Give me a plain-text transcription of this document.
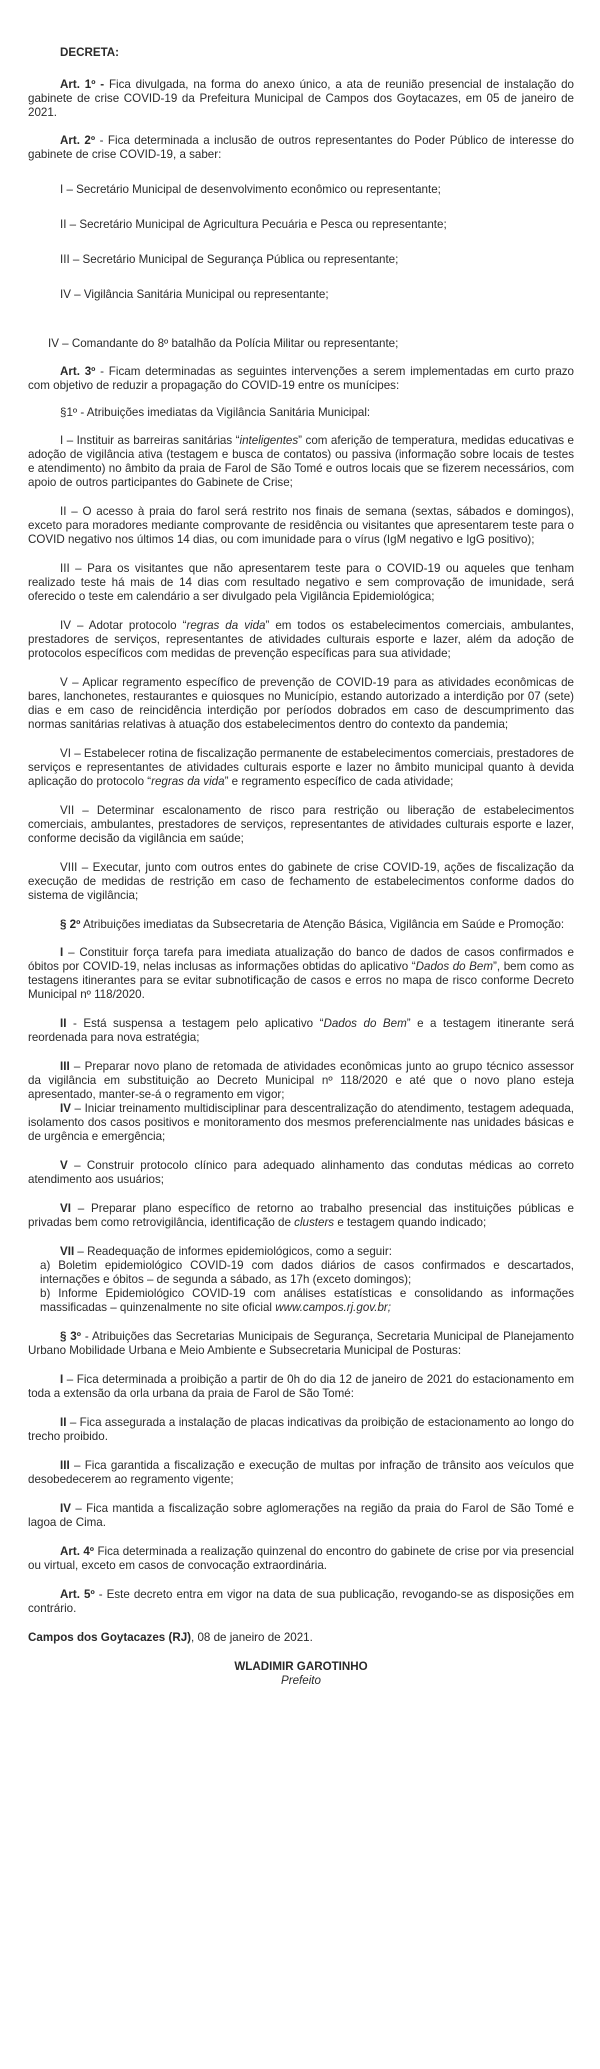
DECRETA:

Art. 1º - Fica divulgada, na forma do anexo único, a ata de reunião presencial de instalação do gabinete de crise COVID-19 da Prefeitura Municipal de Campos dos Goytacazes, em 05 de janeiro de 2021.

Art. 2º - Fica determinada a inclusão de outros representantes do Poder Público de interesse do gabinete de crise COVID-19, a saber:

I – Secretário Municipal de desenvolvimento econômico ou representante;

II – Secretário Municipal de Agricultura Pecuária e Pesca ou representante;

III – Secretário Municipal de Segurança Pública ou representante;

IV – Vigilância Sanitária Municipal ou representante;

IV – Comandante do 8º batalhão da Polícia Militar ou representante;

Art. 3º - Ficam determinadas as seguintes intervenções a serem implementadas em curto prazo com objetivo de reduzir a propagação do COVID-19 entre os munícipes:

§1º - Atribuições imediatas da Vigilância Sanitária Municipal:

I – Instituir as barreiras sanitárias “inteligentes” com aferição de temperatura, medidas educativas e adoção de vigilância ativa (testagem e busca de contatos) ou passiva (informação sobre locais de testes e atendimento) no âmbito da praia de Farol de São Tomé e outros locais que se fizerem necessários, com apoio de outros participantes do Gabinete de Crise;

II – O acesso à praia do farol será restrito nos finais de semana (sextas, sábados e domingos), exceto para moradores mediante comprovante de residência ou visitantes que apresentarem teste para o COVID negativo nos últimos 14 dias, ou com imunidade para o vírus (IgM negativo e IgG positivo);

III – Para os visitantes que não apresentarem teste para o COVID-19 ou aqueles que tenham realizado teste há mais de 14 dias com resultado negativo e sem comprovação de imunidade, será oferecido o teste em calendário a ser divulgado pela Vigilância Epidemiológica;

IV – Adotar protocolo “regras da vida” em todos os estabelecimentos comerciais, ambulantes, prestadores de serviços, representantes de atividades culturais esporte e lazer, além da adoção de protocolos específicos com medidas de prevenção específicas para sua atividade;

V – Aplicar regramento específico de prevenção de COVID-19 para as atividades econômicas de bares, lanchonetes, restaurantes e quiosques no Município, estando autorizado a interdição por 07 (sete) dias e em caso de reincidência interdição por períodos dobrados em caso de descumprimento das normas sanitárias relativas à atuação dos estabelecimentos dentro do contexto da pandemia;

VI – Estabelecer rotina de fiscalização permanente de estabelecimentos comerciais, prestadores de serviços e representantes de atividades culturais esporte e lazer no âmbito municipal quanto à devida aplicação do protocolo “regras da vida” e regramento específico de cada atividade;

VII – Determinar escalonamento de risco para restrição ou liberação de estabelecimentos comerciais, ambulantes, prestadores de serviços, representantes de atividades culturais esporte e lazer, conforme decisão da vigilância em saúde;

VIII – Executar, junto com outros entes do gabinete de crise COVID-19, ações de fiscalização da execução de medidas de restrição em caso de fechamento de estabelecimentos conforme dados do sistema de vigilância;

§ 2º Atribuições imediatas da Subsecretaria de Atenção Básica, Vigilância em Saúde e Promoção:

I – Constituir força tarefa para imediata atualização do banco de dados de casos confirmados e óbitos por COVID-19, nelas inclusas as informações obtidas do aplicativo “Dados do Bem”, bem como as testagens itinerantes para se evitar subnotificação de casos e erros no mapa de risco conforme Decreto Municipal nº 118/2020.

II - Está suspensa a testagem pelo aplicativo “Dados do Bem” e a testagem itinerante será reordenada para nova estratégia;

III – Preparar novo plano de retomada de atividades econômicas junto ao grupo técnico assessor da vigilância em substituição ao Decreto Municipal nº 118/2020 e até que o novo plano esteja apresentado, manter-se-á o regramento em vigor;

IV – Iniciar treinamento multidisciplinar para descentralização do atendimento, testagem adequada, isolamento dos casos positivos e monitoramento dos mesmos preferencialmente nas unidades básicas e de urgência e emergência;

V – Construir protocolo clínico para adequado alinhamento das condutas médicas ao correto atendimento aos usuários;

VI – Preparar plano específico de retorno ao trabalho presencial das instituições públicas e privadas bem como retrovigilância, identificação de clusters e testagem quando indicado;

VII – Readequação de informes epidemiológicos, como a seguir:

a) Boletim epidemiológico COVID-19 com dados diários de casos confirmados e descartados, internações e óbitos – de segunda a sábado, as 17h (exceto domingos);

b) Informe Epidemiológico COVID-19 com análises estatísticas e consolidando as informações massificadas – quinzenalmente no site oficial www.campos.rj.gov.br;

§ 3º - Atribuições das Secretarias Municipais de Segurança, Secretaria Municipal de Planejamento Urbano Mobilidade Urbana e Meio Ambiente e Subsecretaria Municipal de Posturas:

I – Fica determinada a proibição a partir de 0h do dia 12 de janeiro de 2021 do estacionamento em toda a extensão da orla urbana da praia de Farol de São Tomé:

II – Fica assegurada a instalação de placas indicativas da proibição de estacionamento ao longo do trecho proibido.

III – Fica garantida a fiscalização e execução de multas por infração de trânsito aos veículos que desobedecerem ao regramento vigente;

IV – Fica mantida a fiscalização sobre aglomerações na região da praia do Farol de São Tomé e lagoa de Cima.

Art. 4º Fica determinada a realização quinzenal do encontro do gabinete de crise por via presencial ou virtual, exceto em casos de convocação extraordinária.

Art. 5º - Este decreto entra em vigor na data de sua publicação, revogando-se as disposições em contrário.

Campos dos Goytacazes (RJ), 08 de janeiro de 2021.

WLADIMIR GAROTINHO

Prefeito
